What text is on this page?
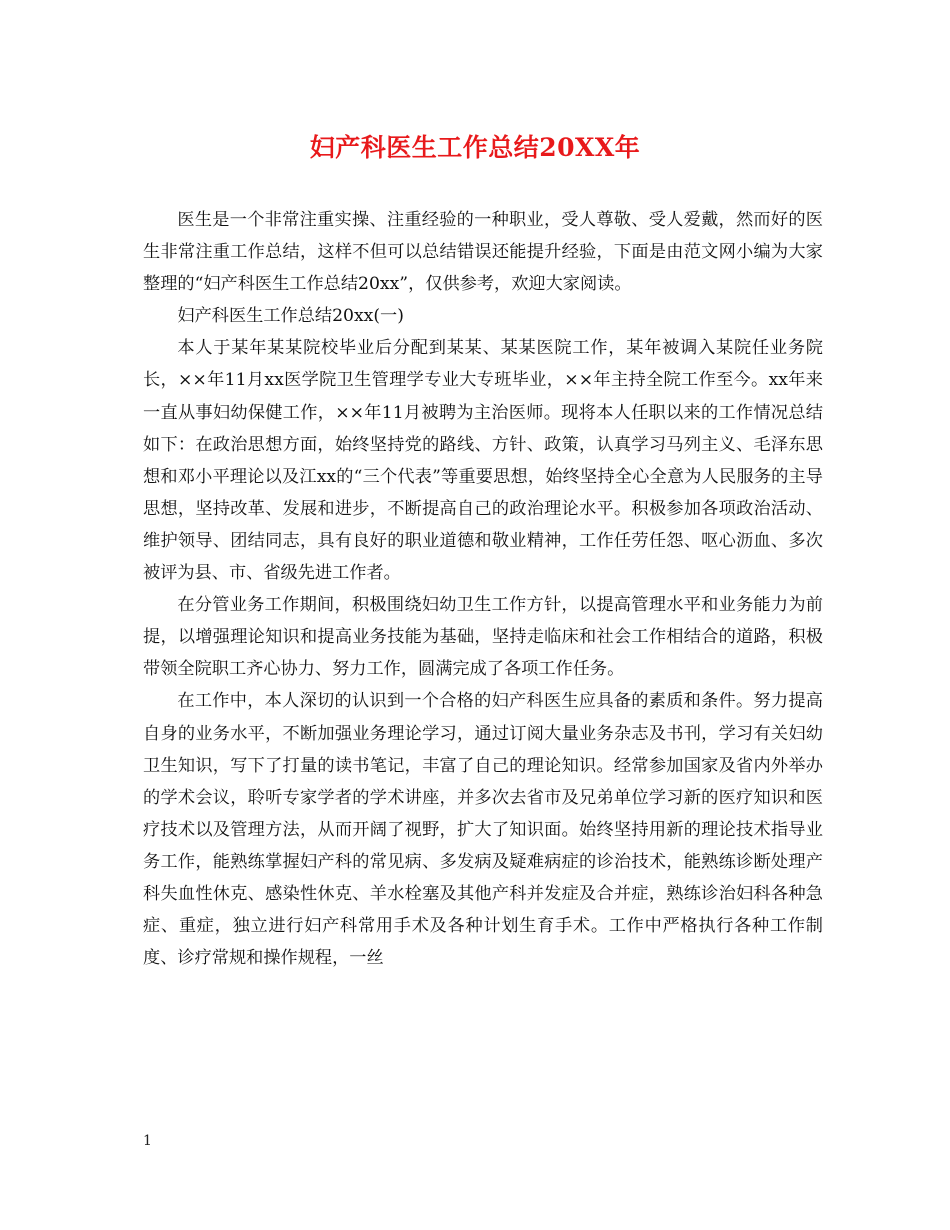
妇产科医生工作总结20XX年

医生是一个非常注重实操、注重经验的一种职业，受人尊敬、受人爱戴，然而好的医生非常注重工作总结，这样不但可以总结错误还能提升经验，下面是由范文网小编为大家整理的“妇产科医生工作总结20xx”，仅供参考，欢迎大家阅读。

妇产科医生工作总结20xx(一)

本人于某年某某院校毕业后分配到某某、某某医院工作，某年被调入某院任业务院长，××年11月xx医学院卫生管理学专业大专班毕业，××年主持全院工作至今。xx年来一直从事妇幼保健工作，××年11月被聘为主治医师。现将本人任职以来的工作情况总结如下：在政治思想方面，始终坚持党的路线、方针、政策，认真学习马列主义、毛泽东思想和邓小平理论以及江xx的“三个代表”等重要思想，始终坚持全心全意为人民服务的主导思想，坚持改革、发展和进步，不断提高自己的政治理论水平。积极参加各项政治活动、维护领导、团结同志，具有良好的职业道德和敬业精神，工作任劳任怨、呕心沥血、多次被评为县、市、省级先进工作者。

在分管业务工作期间，积极围绕妇幼卫生工作方针，以提高管理水平和业务能力为前提，以增强理论知识和提高业务技能为基础，坚持走临床和社会工作相结合的道路，积极带领全院职工齐心协力、努力工作，圆满完成了各项工作任务。

在工作中，本人深切的认识到一个合格的妇产科医生应具备的素质和条件。努力提高自身的业务水平，不断加强业务理论学习，通过订阅大量业务杂志及书刊，学习有关妇幼卫生知识，写下了打量的读书笔记，丰富了自己的理论知识。经常参加国家及省内外举办的学术会议，聆听专家学者的学术讲座，并多次去省市及兄弟单位学习新的医疗知识和医疗技术以及管理方法，从而开阔了视野，扩大了知识面。始终坚持用新的理论技术指导业务工作，能熟练掌握妇产科的常见病、多发病及疑难病症的诊治技术，能熟练诊断处理产科失血性休克、感染性休克、羊水栓塞及其他产科并发症及合并症，熟练诊治妇科各种急症、重症，独立进行妇产科常用手术及各种计划生育手术。工作中严格执行各种工作制度、诊疗常规和操作规程，一丝

1
